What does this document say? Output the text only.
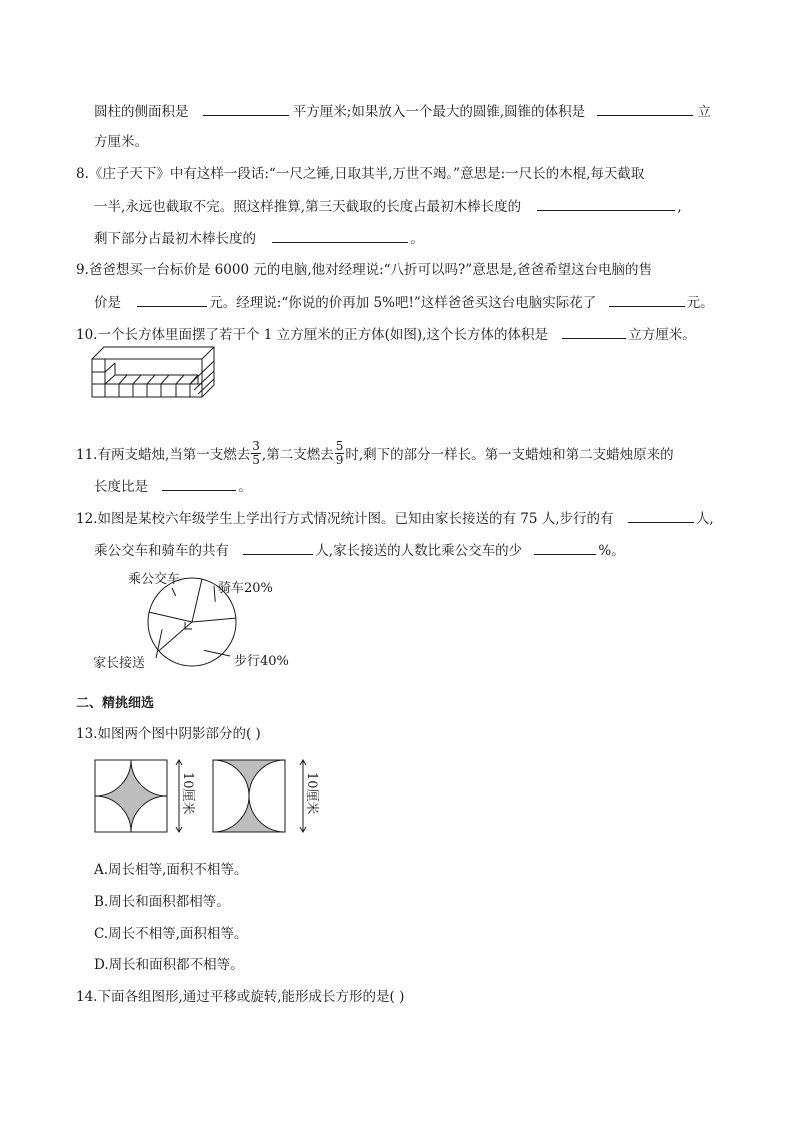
圆柱的侧面积是	平方厘米;如果放入一个最大的圆锥,圆锥的体积是	立
方厘米。
8.《庄子天下》中有这样一段话:“一尺之锤,日取其半,万世不竭。”意思是:一尺长的木棍,每天截取
一半,永远也截取不完。照这样推算,第三天截取的长度占最初木棒长度的	,
剩下部分占最初木棒长度的	。
9.爸爸想买一台标价是 6000 元的电脑,他对经理说:“八折可以吗?”意思是,爸爸希望这台电脑的售
价是	元。经理说:“你说的价再加 5%吧!”这样爸爸买这台电脑实际花了	元。
10.一个长方体里面摆了若干个 1 立方厘米的正方体(如图),这个长方体的体积是	立方厘米。
11.有两支蜡烛,当第一支燃去 $\frac{3}{5}$ ,第二支燃去 $\frac{5}{9}$ 时,剩下的部分一样长。第一支蜡烛和第二支蜡烛原来的
长度比是	。
12.如图是某校六年级学生上学出行方式情况统计图。已知由家长接送的有 75 人,步行的有	人,
乘公交车和骑车的共有	人,家长接送的人数比乘公交车的少	%。
骑车20%
步行40%
家长接送
乘公交车
二、精挑细选
13.如图两个图中阴影部分的( )
10厘米	10厘米
A.周长相等,面积不相等。
B.周长和面积都相等。
C.周长不相等,面积相等。
D.周长和面积都不相等。
14.下面各组图形,通过平移或旋转,能形成长方形的是( )
